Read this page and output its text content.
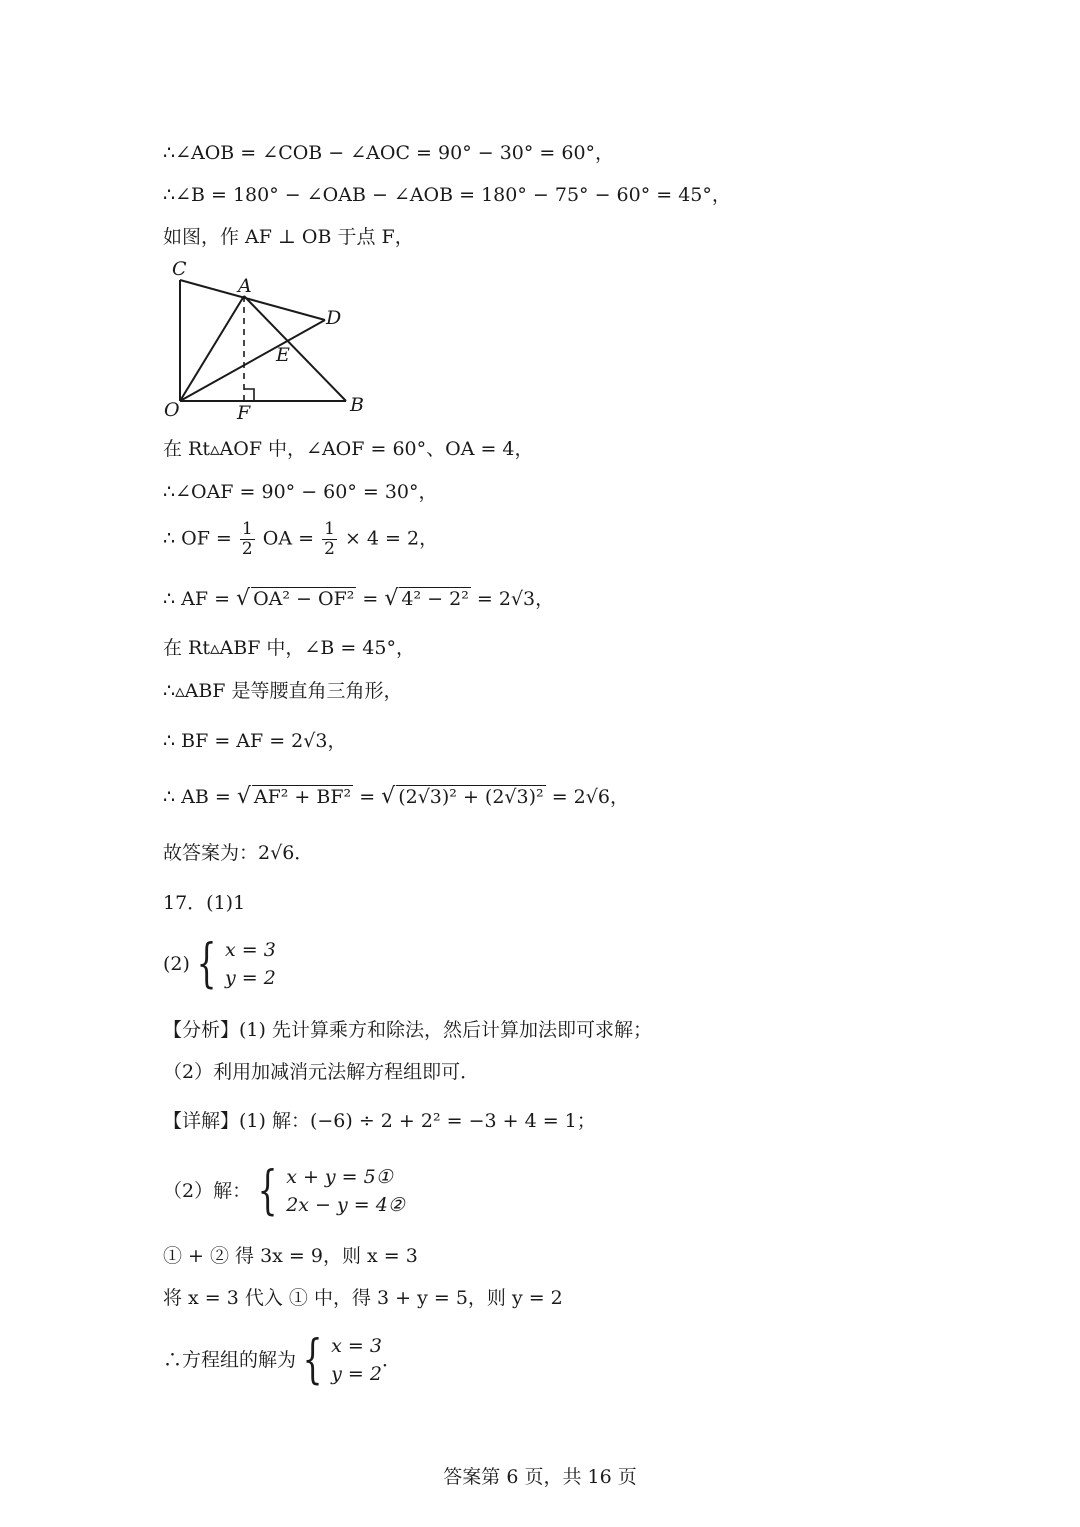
∴∠AOB = ∠COB − ∠AOC = 90° − 30° = 60°，
∴∠B = 180° − ∠OAB − ∠AOB = 180° − 75° − 60° = 45°，
如图，作 AF ⊥ OB 于点 F，
C
A
D
E
O	F	B
在 Rt▵AOF 中，∠AOF = 60°、OA = 4，
∴∠OAF = 90° − 60° = 30°，
∴ OF = $\frac{1}{2}$ OA = $\frac{1}{2} \times 4 = 2$，
∴ AF = √ OA² − OF² = √ 4² − 2² = 2√3，
在 Rt▵ABF 中，∠B = 45°，
∴▵ABF 是等腰直角三角形，
∴ BF = AF = 2√3，
∴ AB = √ AF² + BF² = √ (2√3)² + (2√3)² = 2√6，
故答案为：2√6．
17．(1)1
(2) { x = 3
y = 2
【分析】(1) 先计算乘方和除法，然后计算加法即可求解；
（2）利用加减消元法解方程组即可．
【详解】(1) 解：(−6) ÷ 2 + 2² = −3 + 4 = 1；
（2）解： { x + y = 5①
2x − y = 4②
① + ② 得 3x = 9，则 x = 3
将 x = 3 代入 ① 中，得 3 + y = 5，则 y = 2
∴方程组的解为 { x = 3
y = 2
．
答案第 6 页，共 16 页
